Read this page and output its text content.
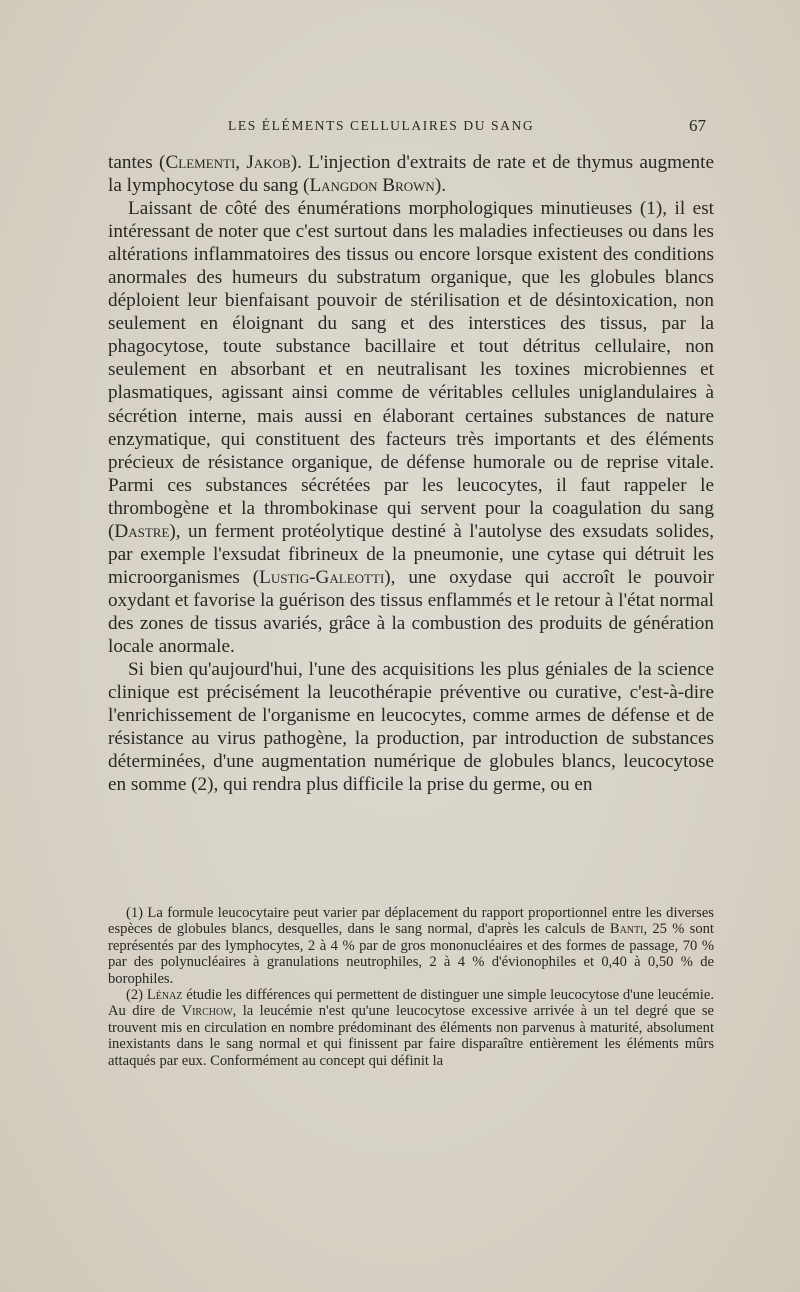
LES ÉLÉMENTS CELLULAIRES DU SANG	67

tantes (Clementi, Jakob). L'injection d'extraits de rate et de thymus augmente la lymphocytose du sang (Langdon Brown).

Laissant de côté des énumérations morphologiques minutieuses (1), il est intéressant de noter que c'est surtout dans les maladies infectieuses ou dans les altérations inflammatoires des tissus ou encore lorsque existent des conditions anormales des humeurs du substratum organique, que les globules blancs déploient leur bienfaisant pouvoir de stérilisation et de désintoxication, non seulement en éloignant du sang et des interstices des tissus, par la phagocytose, toute substance bacillaire et tout détritus cellulaire, non seulement en absorbant et en neutralisant les toxines microbiennes et plasmatiques, agissant ainsi comme de véritables cellules uniglandulaires à sécrétion interne, mais aussi en élaborant certaines substances de nature enzymatique, qui constituent des facteurs très importants et des éléments précieux de résistance organique, de défense humorale ou de reprise vitale. Parmi ces substances sécrétées par les leucocytes, il faut rappeler le thrombogène et la thrombokinase qui servent pour la coagulation du sang (Dastre), un ferment protéolytique destiné à l'autolyse des exsudats solides, par exemple l'exsudat fibrineux de la pneumonie, une cytase qui détruit les microorganismes (Lustig-Galeotti), une oxydase qui accroît le pouvoir oxydant et favorise la guérison des tissus enflammés et le retour à l'état normal des zones de tissus avariés, grâce à la combustion des produits de génération locale anormale.

Si bien qu'aujourd'hui, l'une des acquisitions les plus géniales de la science clinique est précisément la leucothérapie préventive ou curative, c'est-à-dire l'enrichissement de l'organisme en leucocytes, comme armes de défense et de résistance au virus pathogène, la production, par introduction de substances déterminées, d'une augmentation numérique de globules blancs, leucocytose en somme (2), qui rendra plus difficile la prise du germe, ou en

(1) La formule leucocytaire peut varier par déplacement du rapport proportionnel entre les diverses espèces de globules blancs, desquelles, dans le sang normal, d'après les calculs de Banti, 25 % sont représentés par des lymphocytes, 2 à 4 % par de gros mononucléaires et des formes de passage, 70 % par des polynucléaires à granulations neutrophiles, 2 à 4 % d'évionophiles et 0,40 à 0,50 % de borophiles.

(2) Lénaz étudie les différences qui permettent de distinguer une simple leucocytose d'une leucémie. Au dire de Virchow, la leucémie n'est qu'une leucocytose excessive arrivée à un tel degré que se trouvent mis en circulation en nombre prédominant des éléments non parvenus à maturité, absolument inexistants dans le sang normal et qui finissent par faire disparaître entièrement les éléments mûrs attaqués par eux. Conformément au concept qui définit la
